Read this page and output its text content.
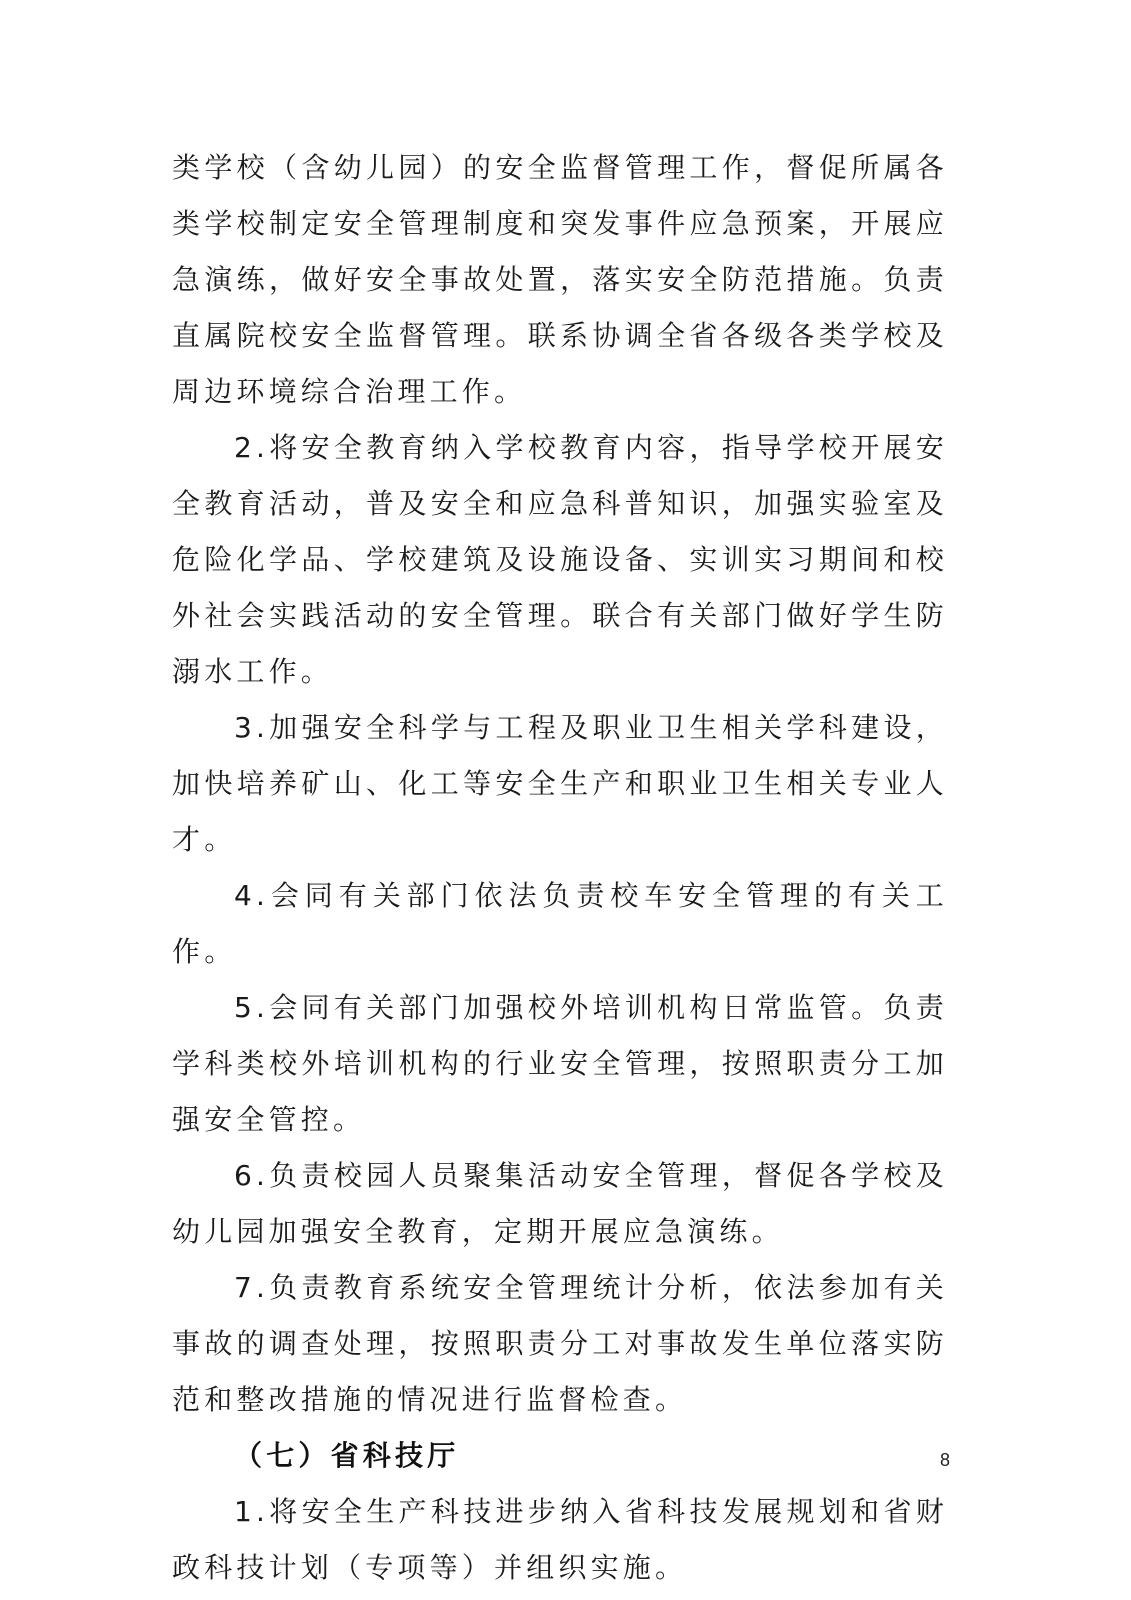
类学校（含幼儿园）的安全监督管理工作，督促所属各类学校制定安全管理制度和突发事件应急预案，开展应急演练，做好安全事故处置，落实安全防范措施。负责直属院校安全监督管理。联系协调全省各级各类学校及周边环境综合治理工作。

2.将安全教育纳入学校教育内容，指导学校开展安全教育活动，普及安全和应急科普知识，加强实验室及危险化学品、学校建筑及设施设备、实训实习期间和校外社会实践活动的安全管理。联合有关部门做好学生防溺水工作。

3.加强安全科学与工程及职业卫生相关学科建设，加快培养矿山、化工等安全生产和职业卫生相关专业人才。

4.会同有关部门依法负责校车安全管理的有关工作。

5.会同有关部门加强校外培训机构日常监管。负责学科类校外培训机构的行业安全管理，按照职责分工加强安全管控。

6.负责校园人员聚集活动安全管理，督促各学校及幼儿园加强安全教育，定期开展应急演练。

7.负责教育系统安全管理统计分析，依法参加有关事故的调查处理，按照职责分工对事故发生单位落实防范和整改措施的情况进行监督检查。

（七）省科技厅

1.将安全生产科技进步纳入省科技发展规划和省财政科技计划（专项等）并组织实施。

8
